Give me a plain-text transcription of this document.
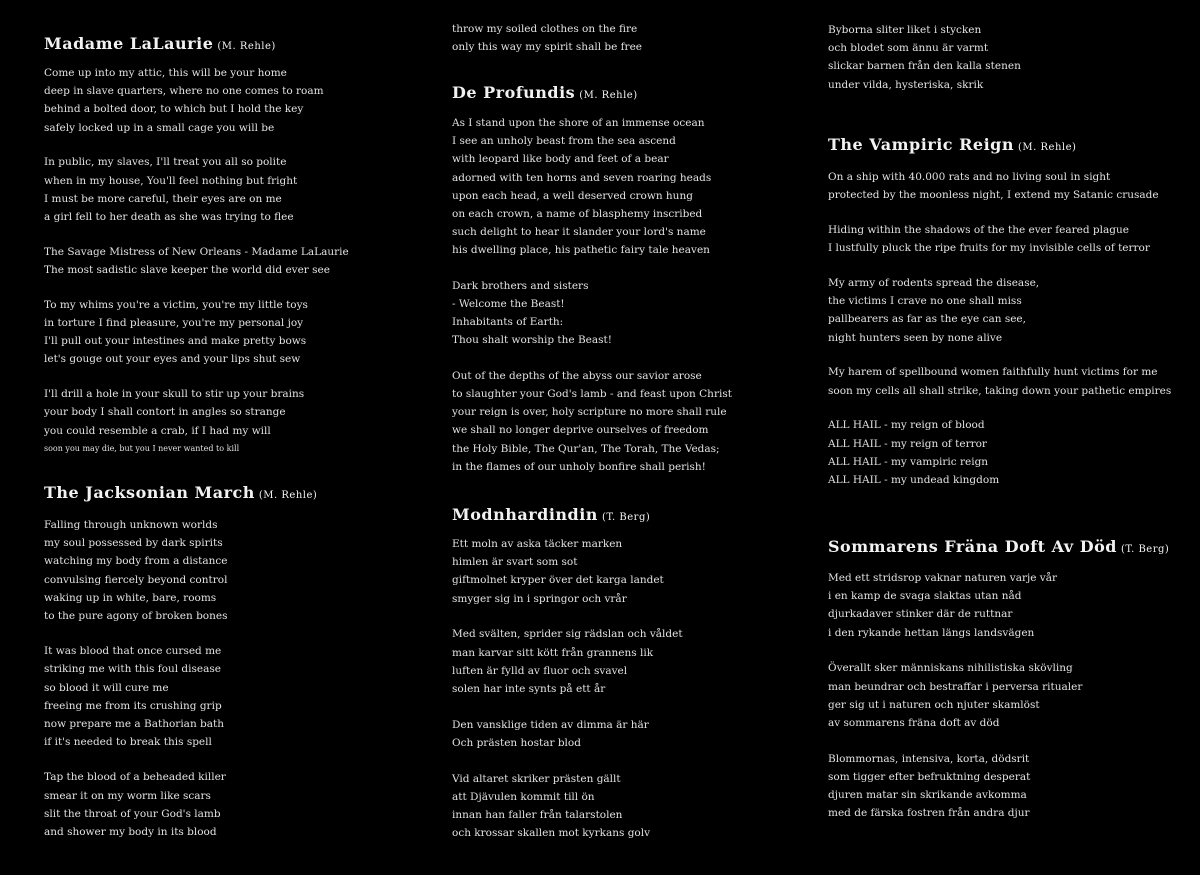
Madame LaLaurie (M. Rehle)
Come up into my attic, this will be your home
deep in slave quarters, where no one comes to roam
behind a bolted door, to which but I hold the key
safely locked up in a small cage you will be
In public, my slaves, I'll treat you all so polite
when in my house, You'll feel nothing but fright
I must be more careful, their eyes are on me
a girl fell to her death as she was trying to flee
The Savage Mistress of New Orleans - Madame LaLaurie
The most sadistic slave keeper the world did ever see
To my whims you're a victim, you're my little toys
in torture I find pleasure, you're my personal joy
I'll pull out your intestines and make pretty bows
let's gouge out your eyes and your lips shut sew
I'll drill a hole in your skull to stir up your brains
your body I shall contort in angles so strange
you could resemble a crab, if I had my will
soon you may die, but you I never wanted to kill
The Jacksonian March (M. Rehle)
Falling through unknown worlds
my soul possessed by dark spirits
watching my body from a distance
convulsing fiercely beyond control
waking up in white, bare, rooms
to the pure agony of broken bones
It was blood that once cursed me
striking me with this foul disease
so blood it will cure me
freeing me from its crushing grip
now prepare me a Bathorian bath
if it's needed to break this spell
Tap the blood of a beheaded killer
smear it on my worm like scars
slit the throat of your God's lamb
and shower my body in its blood
throw my soiled clothes on the fire
only this way my spirit shall be free
De Profundis (M. Rehle)
As I stand upon the shore of an immense ocean
I see an unholy beast from the sea ascend
with leopard like body and feet of a bear
adorned with ten horns and seven roaring heads
upon each head, a well deserved crown hung
on each crown, a name of blasphemy inscribed
such delight to hear it slander your lord's name
his dwelling place, his pathetic fairy tale heaven
Dark brothers and sisters
- Welcome the Beast!
Inhabitants of Earth:
Thou shalt worship the Beast!
Out of the depths of the abyss our savior arose
to slaughter your God's lamb - and feast upon Christ
your reign is over, holy scripture no more shall rule
we shall no longer deprive ourselves of freedom
the Holy Bible, The Qur'an, The Torah, The Vedas;
in the flames of our unholy bonfire shall perish!
Modnhardindin (T. Berg)
Ett moln av aska täcker marken
himlen är svart som sot
giftmolnet kryper över det karga landet
smyger sig in i springor och vrår
Med svälten, sprider sig rädslan och våldet
man karvar sitt kött från grannens lik
luften är fylld av fluor och svavel
solen har inte synts på ett år
Den vansklige tiden av dimma är här
Och prästen hostar blod
Vid altaret skriker prästen gällt
att Djävulen kommit till ön
innan han faller från talarstolen
och krossar skallen mot kyrkans golv
Byborna sliter liket i stycken
och blodet som ännu är varmt
slickar barnen från den kalla stenen
under vilda, hysteriska, skrik
The Vampiric Reign (M. Rehle)
On a ship with 40.000 rats and no living soul in sight
protected by the moonless night, I extend my Satanic crusade
Hiding within the shadows of the the ever feared plague
I lustfully pluck the ripe fruits for my invisible cells of terror
My army of rodents spread the disease,
the victims I crave no one shall miss
pallbearers as far as the eye can see,
night hunters seen by none alive
My harem of spellbound women faithfully hunt victims for me
soon my cells all shall strike, taking down your pathetic empires
ALL HAIL - my reign of blood
ALL HAIL - my reign of terror
ALL HAIL - my vampiric reign
ALL HAIL - my undead kingdom
Sommarens Fräna Doft Av Död (T. Berg)
Med ett stridsrop vaknar naturen varje vår
i en kamp de svaga slaktas utan nåd
djurkadaver stinker där de ruttnar
i den rykande hettan längs landsvägen
Överallt sker människans nihilistiska skövling
man beundrar och bestraffar i perversa ritualer
ger sig ut i naturen och njuter skamlöst
av sommarens fräna doft av död
Blommornas, intensiva, korta, dödsrit
som tigger efter befruktning desperat
djuren matar sin skrikande avkomma
med de färska fostren från andra djur
